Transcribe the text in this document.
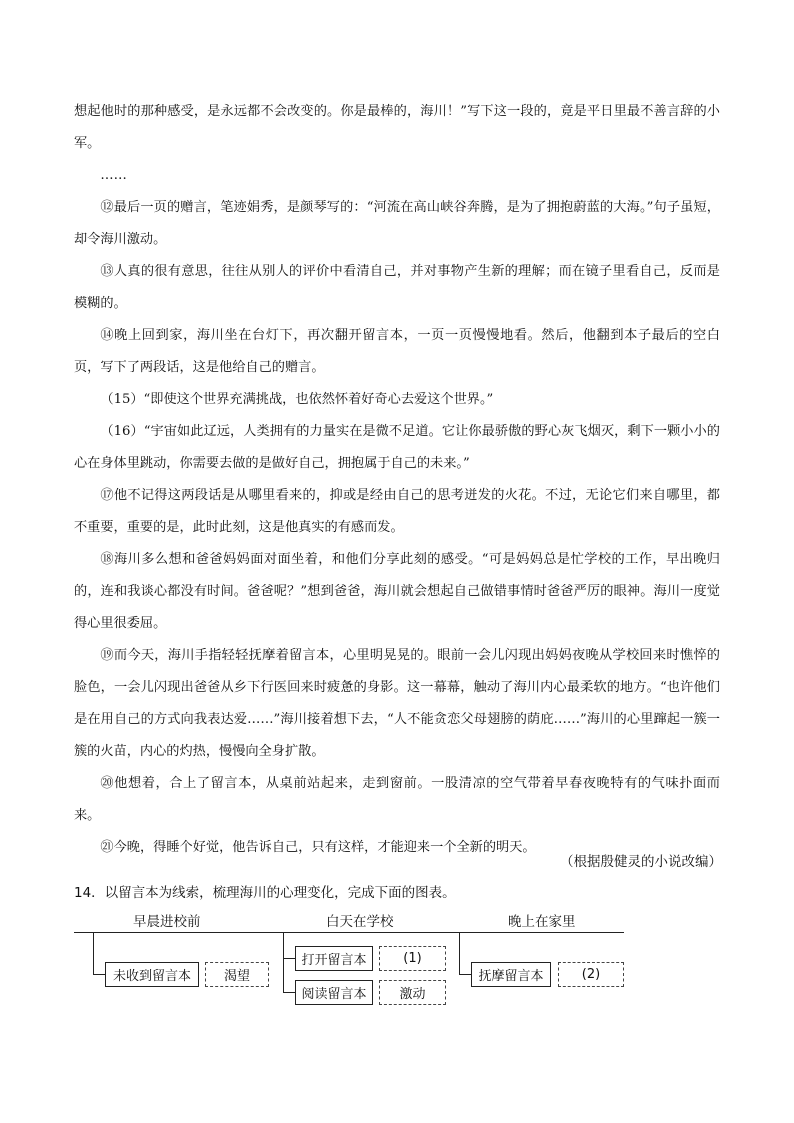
想起他时的那种感受，是永远都不会改变的。你是最棒的，海川！”写下这一段的，竟是平日里最不善言辞的小军。

……

⑫最后一页的赠言，笔迹娟秀，是颜琴写的：“河流在高山峡谷奔腾，是为了拥抱蔚蓝的大海。”句子虽短，却令海川激动。

⑬人真的很有意思，往往从别人的评价中看清自己，并对事物产生新的理解；而在镜子里看自己，反而是模糊的。

⑭晚上回到家，海川坐在台灯下，再次翻开留言本，一页一页慢慢地看。然后，他翻到本子最后的空白页，写下了两段话，这是他给自己的赠言。

（15）“即使这个世界充满挑战，也依然怀着好奇心去爱这个世界。”

（16）“宇宙如此辽远，人类拥有的力量实在是微不足道。它让你最骄傲的野心灰飞烟灭，剩下一颗小小的心在身体里跳动，你需要去做的是做好自己，拥抱属于自己的未来。”

⑰他不记得这两段话是从哪里看来的，抑或是经由自己的思考迸发的火花。不过，无论它们来自哪里，都不重要，重要的是，此时此刻，这是他真实的有感而发。

⑱海川多么想和爸爸妈妈面对面坐着，和他们分享此刻的感受。“可是妈妈总是忙学校的工作，早出晚归的，连和我谈心都没有时间。爸爸呢？”想到爸爸，海川就会想起自己做错事情时爸爸严厉的眼神。海川一度觉得心里很委屈。

⑲而今天，海川手指轻轻抚摩着留言本，心里明晃晃的。眼前一会儿闪现出妈妈夜晚从学校回来时憔悴的脸色，一会儿闪现出爸爸从乡下行医回来时疲惫的身影。这一幕幕，触动了海川内心最柔软的地方。“也许他们是在用自己的方式向我表达爱……”海川接着想下去，“人不能贪恋父母翅膀的荫庇……”海川的心里蹿起一簇一簇的火苗，内心的灼热，慢慢向全身扩散。

⑳他想着，合上了留言本，从桌前站起来，走到窗前。一股清凉的空气带着早春夜晚特有的气味扑面而来。

㉑今晚，得睡个好觉，他告诉自己，只有这样，才能迎来一个全新的明天。

（根据殷健灵的小说改编）

14．以留言本为线索，梳理海川的心理变化，完成下面的图表。

早晨进校前	白天在学校	晚上在家里

未收到留言本	渴望
打开留言本	(1)
阅读留言本	激动
抚摩留言本	(2)
